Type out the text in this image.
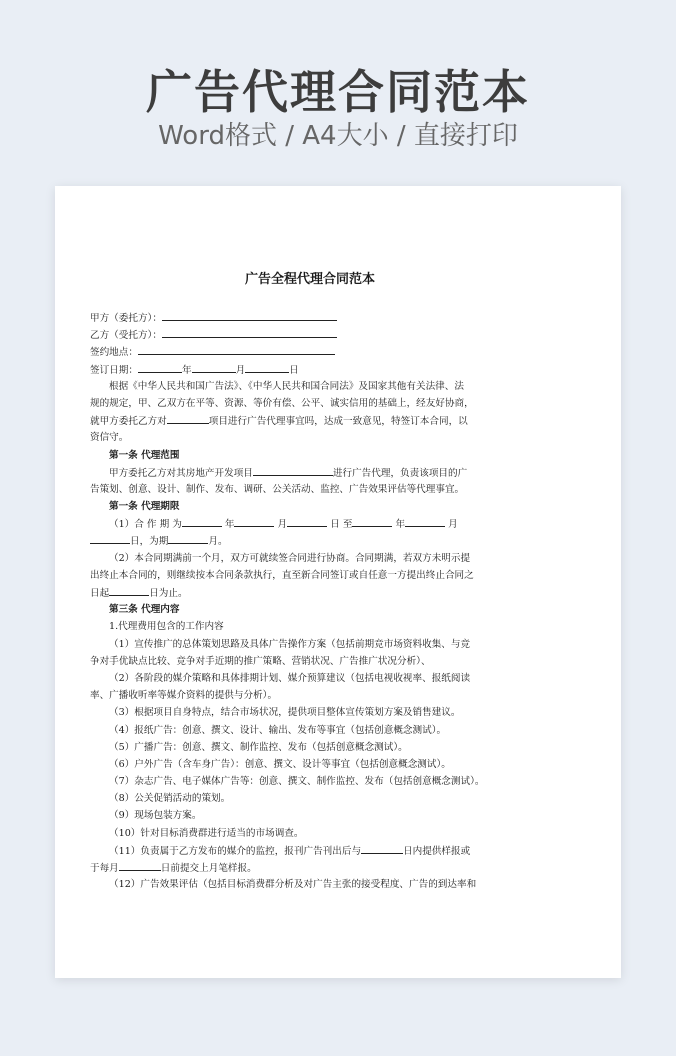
广告代理合同范本
Word格式 / A4大小 / 直接打印
广告全程代理合同范本
甲方（委托方）：
乙方（受托方）：
签约地点：
签订日期：	年	月	日
根据《中华人民共和国广告法》、《中华人民共和国合同法》及国家其他有关法律、法
规的规定，甲、乙双方在平等、资源、等价有偿、公平、诚实信用的基础上，经友好协商，
就甲方委托乙方对	项目进行广告代理事宜吗，达成一致意见，特签订本合同，以
资信守。
第一条 代理范围
甲方委托乙方对其房地产开发项目	进行广告代理，负责该项目的广
告策划、创意、设计、制作、发布、调研、公关活动、监控、广告效果评估等代理事宜。
第一条 代理期限
（1）合 作 期 为	年	月	日 至	年	月
日，为期	月。
（2）本合同期满前一个月，双方可就续签合同进行协商。合同期满，若双方未明示提
出终止本合同的，则继续按本合同条款执行，直至新合同签订或自任意一方提出终止合同之
日起	日为止。
第三条 代理内容
1.代理费用包含的工作内容
（1）宣传推广的总体策划思路及具体广告操作方案（包括前期竞市场资料收集、与竞
争对手优缺点比较、竞争对手近期的推广策略、营销状况、广告推广状况分析）、
（2）各阶段的媒介策略和具体排期计划、媒介预算建议（包括电视收视率、报纸阅读
率、广播收听率等媒介资料的提供与分析）。
（3）根据项目自身特点，结合市场状况，提供项目整体宣传策划方案及销售建议。
（4）报纸广告：创意、撰文、设计、输出、发布等事宜（包括创意概念测试）。
（5）广播广告：创意、撰文、制作监控、发布（包括创意概念测试）。
（6）户外广告（含车身广告）：创意、撰文、设计等事宜（包括创意概念测试）。
（7）杂志广告、电子媒体广告等：创意、撰文、制作监控、发布（包括创意概念测试）。
（8）公关促销活动的策划。
（9）现场包装方案。
（10）针对目标消费群进行适当的市场调查。
（11）负责属于乙方发布的媒介的监控，报刊广告刊出后与	日内提供样报或
于每月	日前提交上月笔样报。
（12）广告效果评估（包括目标消费群分析及对广告主张的接受程度、广告的到达率和
